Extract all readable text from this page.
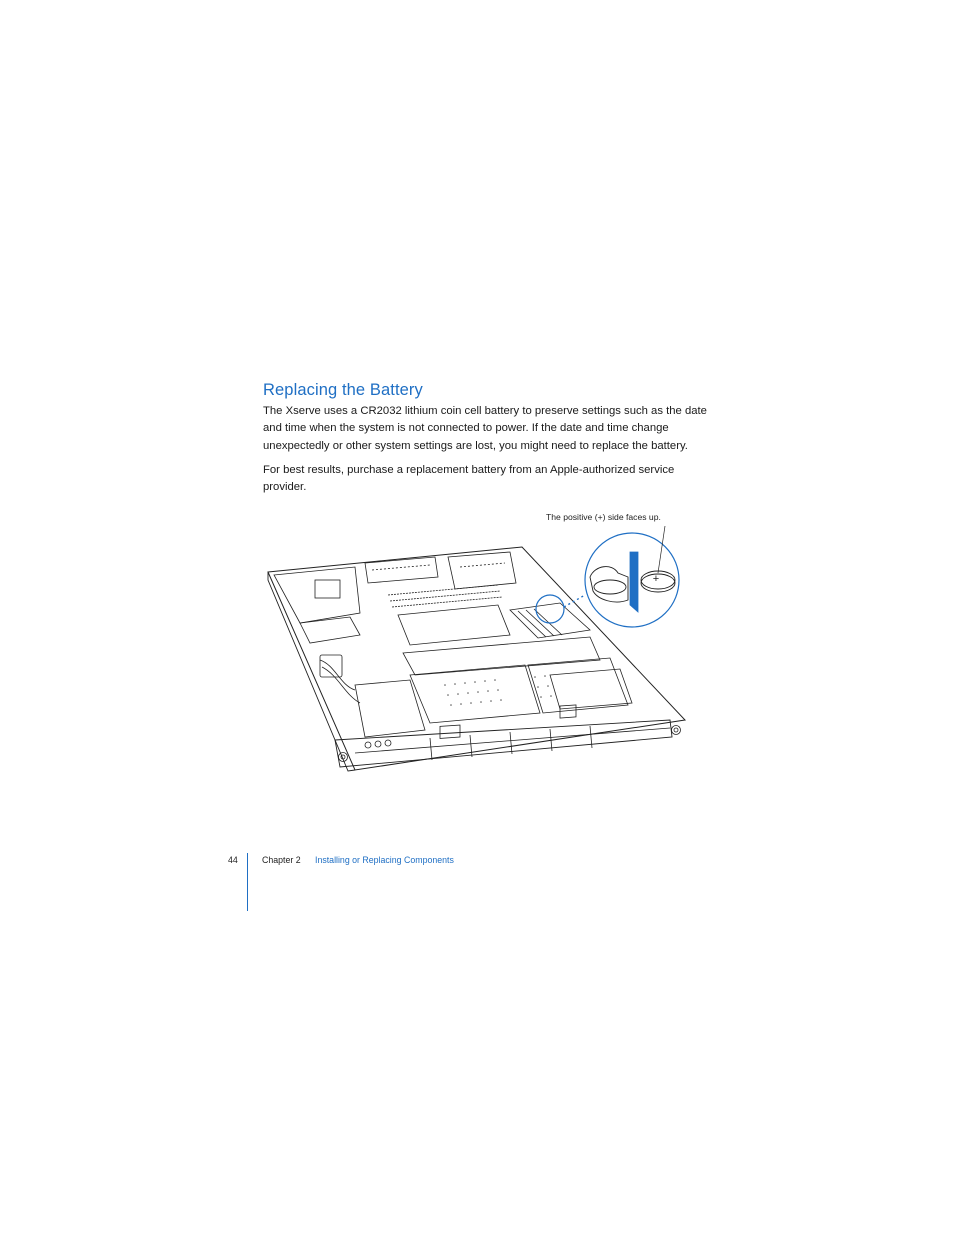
Replacing the Battery

The Xserve uses a CR2032 lithium coin cell battery to preserve settings such as the date and time when the system is not connected to power. If the date and time change unexpectedly or other system settings are lost, you might need to replace the battery.

For best results, purchase a replacement battery from an Apple-authorized service provider.

The positive (+) side faces up.
+
44	Chapter 2 Installing or Replacing Components
